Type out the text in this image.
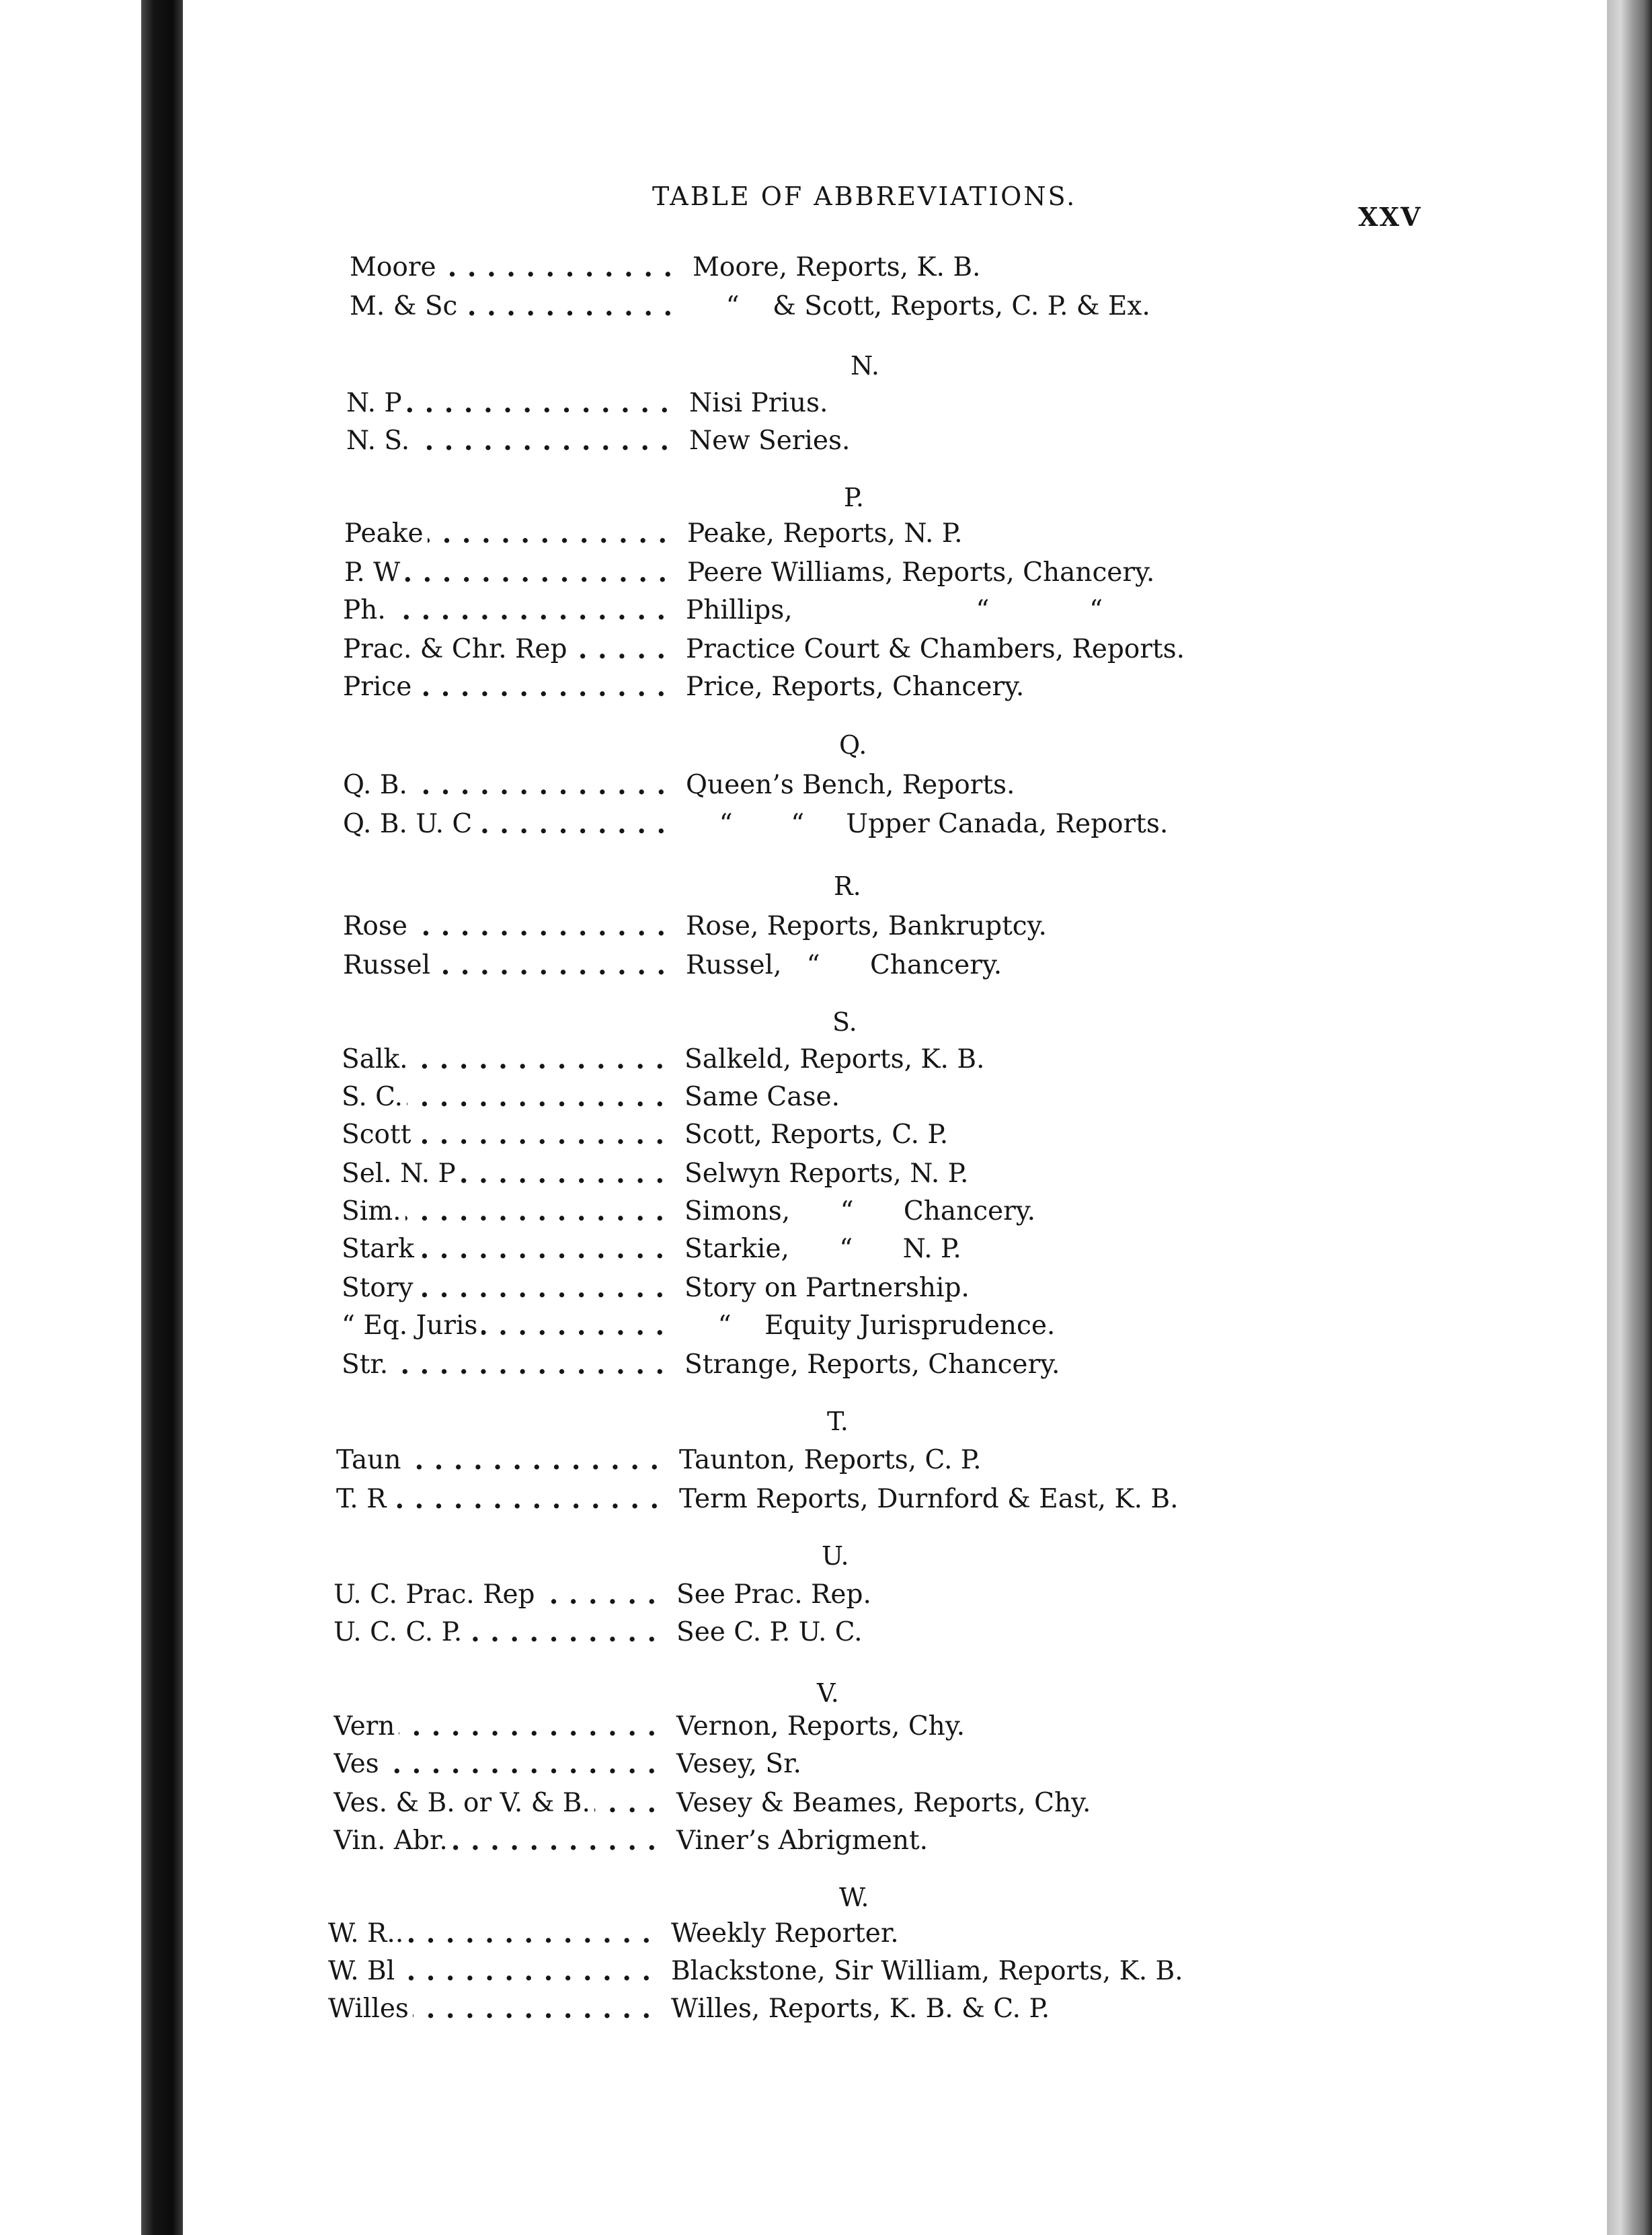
TABLE OF ABBREVIATIONS.
XXV
Moore . . .	Moore, Reports, K. B.
M. & Sc . . .	“    & Scott, Reports, C. P. & Ex.
N.
N. P . . .	Nisi Prius.
N. S. . . .	New Series.
P.
Peake . . .	Peake, Reports, N. P.
P. W . . .	Peere Williams, Reports, Chancery.
Ph. . . .	Phillips,                      “            “
Prac. & Chr. Rep . . .	Practice Court & Chambers, Reports.
Price . . .	Price, Reports, Chancery.
Q.
Q. B. . . .	Queen’s Bench, Reports.
Q. B. U. C . . .	“       “     Upper Canada, Reports.
R.
Rose . . .	Rose, Reports, Bankruptcy.
Russel . . .	Russel,   “      Chancery.
S.
Salk. . . .	Salkeld, Reports, K. B.
S. C. . . .	Same Case.
Scott . . .	Scott, Reports, C. P.
Sel. N. P . . .	Selwyn Reports, N. P.
Sim. . . .	Simons,      “      Chancery.
Stark . . .	Starkie,      “      N. P.
Story . . .	Story on Partnership.
“ Eq. Juris . . .	“    Equity Jurisprudence.
Str. . . .	Strange, Reports, Chancery.
T.
Taun . . .	Taunton, Reports, C. P.
T. R . . .	Term Reports, Durnford & East, K. B.
U.
U. C. Prac. Rep . . .	See Prac. Rep.
U. C. C. P. . . .	See C. P. U. C.
V.
Vern . . .	Vernon, Reports, Chy.
Ves . . .	Vesey, Sr.
Ves. & B. or V. & B. . . .	Vesey & Beames, Reports, Chy.
Vin. Abr. . . .	Viner’s Abrigment.
W.
W. R.. . . .	Weekly Reporter.
W. Bl . . .	Blackstone, Sir William, Reports, K. B.
Willes . . .	Willes, Reports, K. B. & C. P.
